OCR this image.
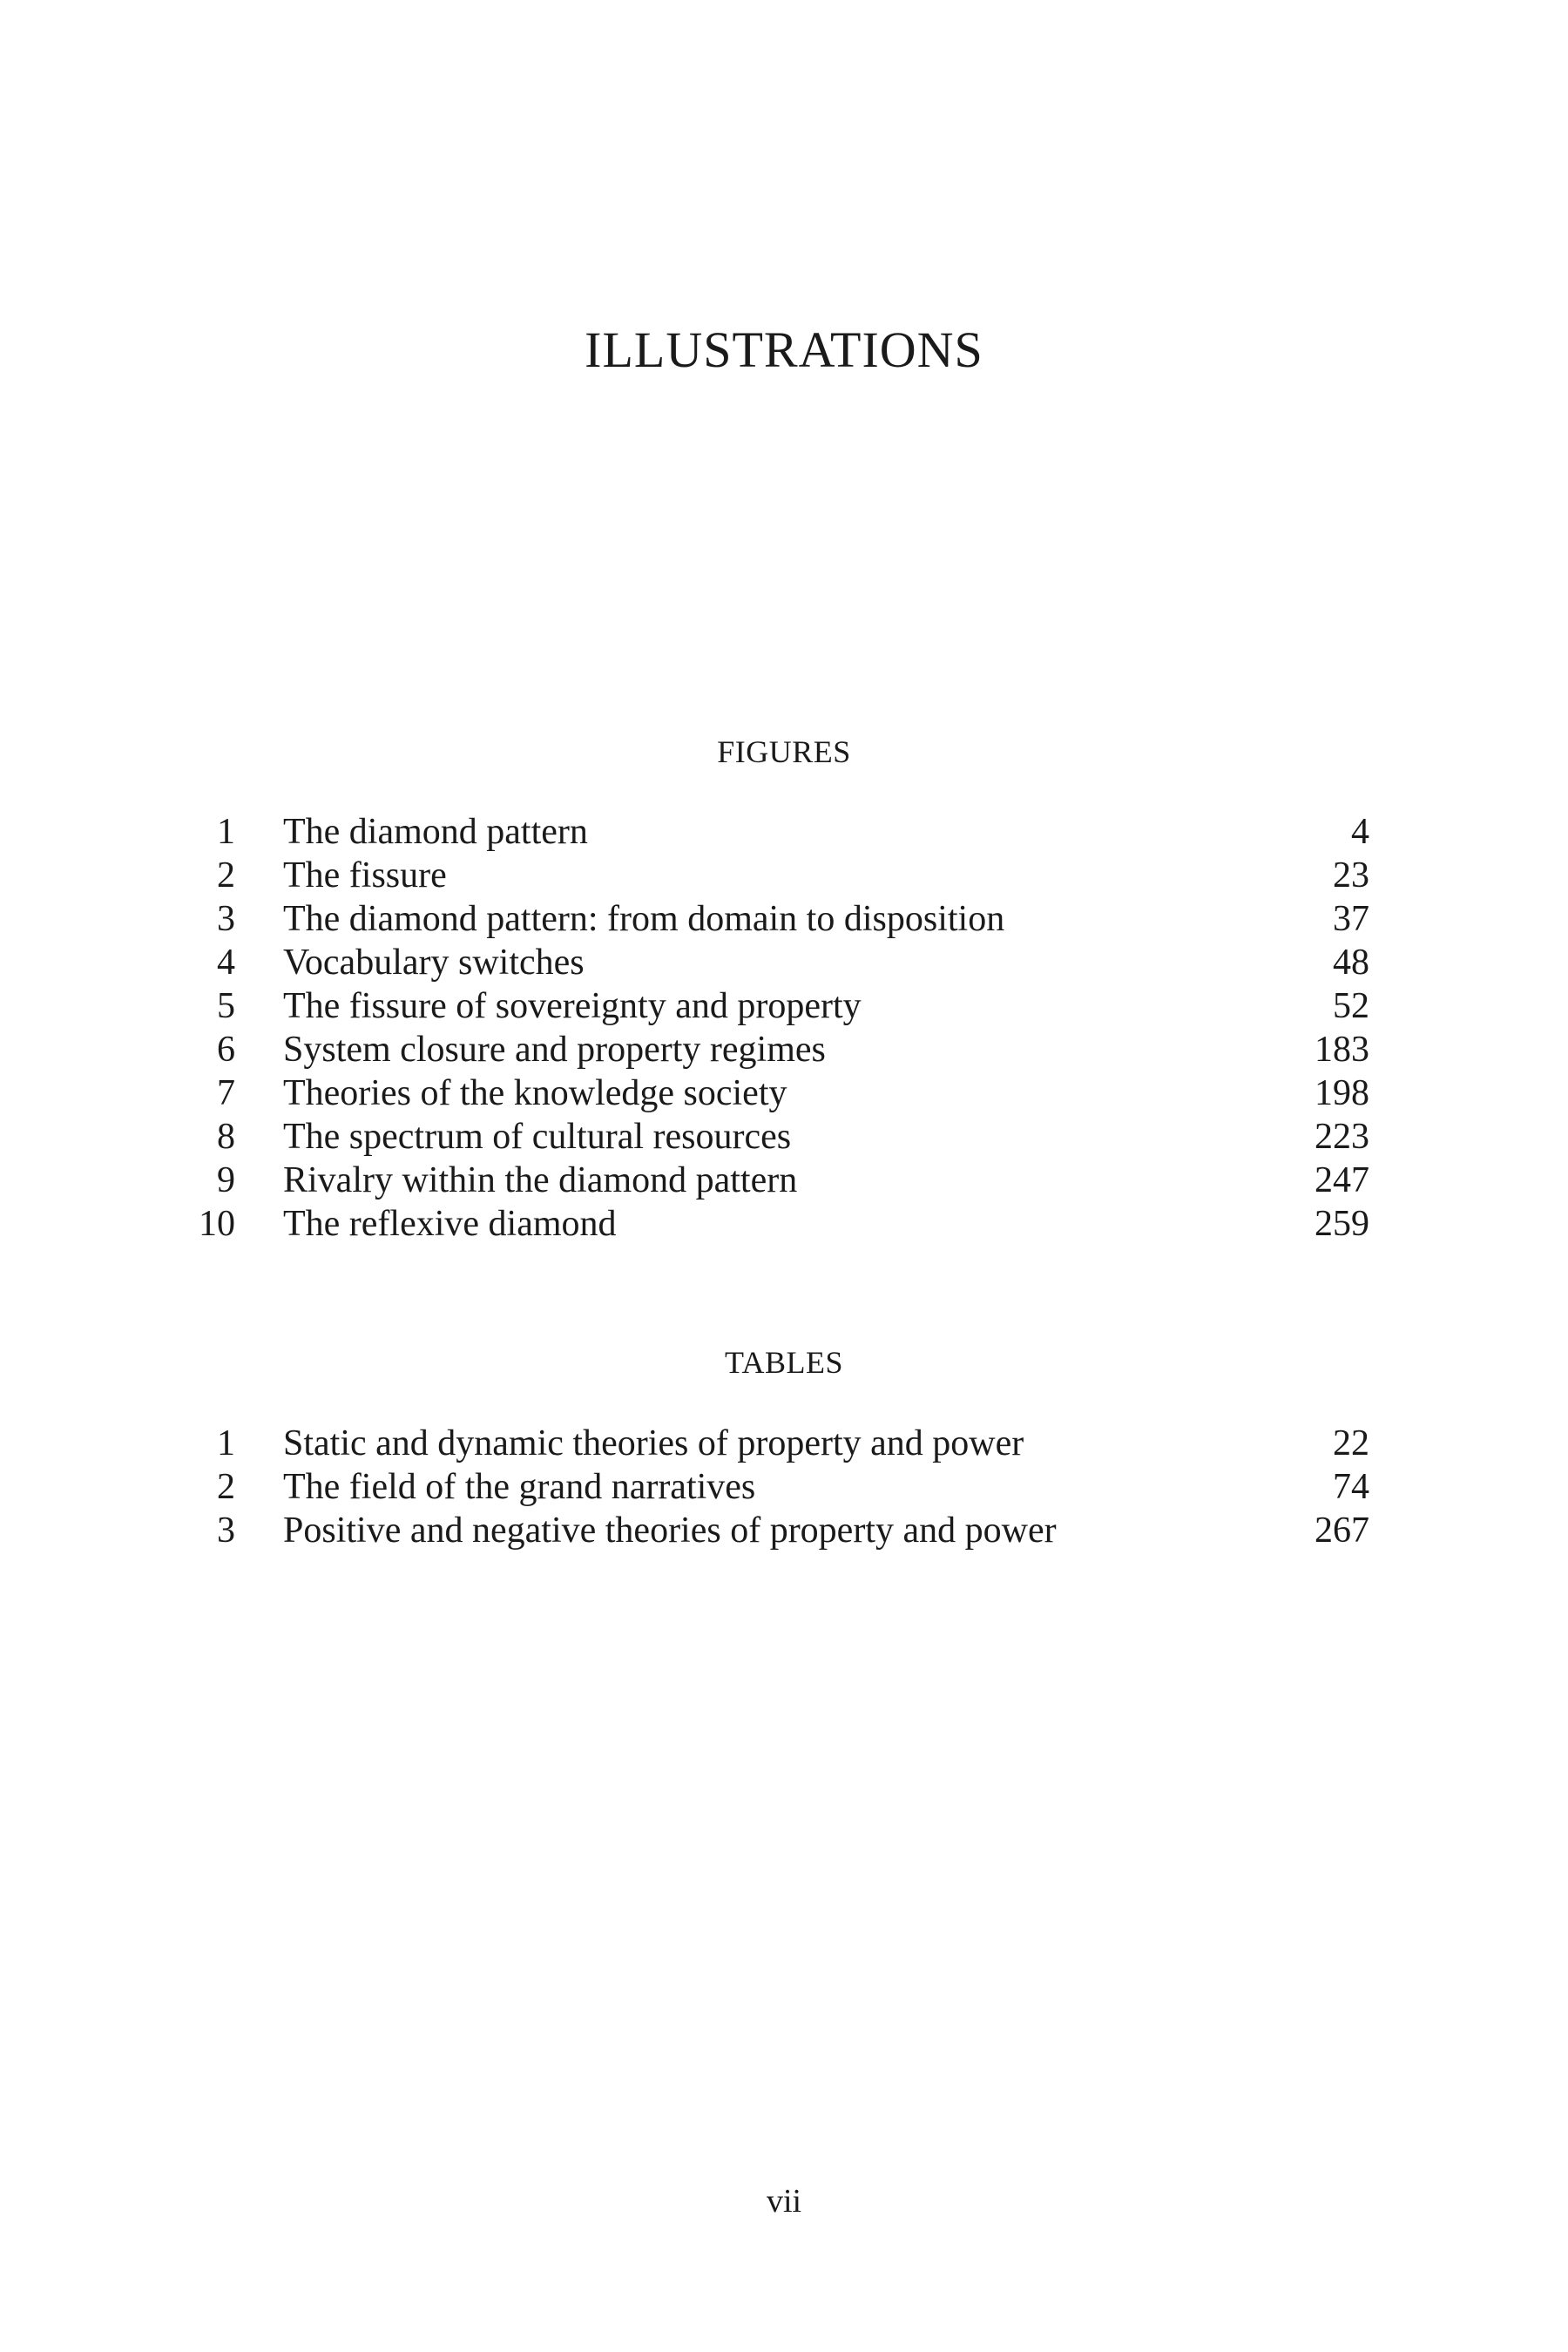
ILLUSTRATIONS
FIGURES
1 The diamond pattern	4
2 The fissure	23
3 The diamond pattern: from domain to disposition	37
4 Vocabulary switches	48
5 The fissure of sovereignty and property	52
6 System closure and property regimes	183
7 Theories of the knowledge society	198
8 The spectrum of cultural resources	223
9 Rivalry within the diamond pattern	247
10 The reflexive diamond	259
TABLES
1 Static and dynamic theories of property and power	22
2 The field of the grand narratives	74
3 Positive and negative theories of property and power	267
vii
